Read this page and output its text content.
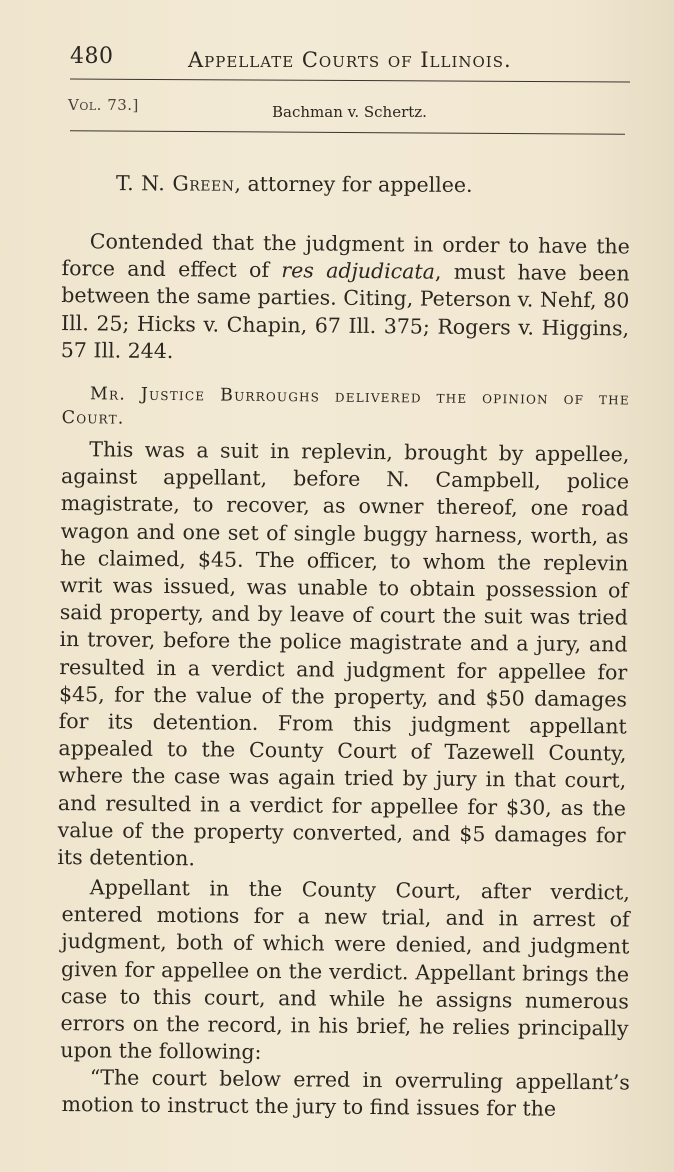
480	Appellate Courts of Illinois.
Vol. 73.]	Bachman v. Schertz.
T. N. Green, attorney for appellee.

Contended that the judgment in order to have the force and effect of res adjudicata, must have been between the same parties. Citing, Peterson v. Nehf, 80 Ill. 25; Hicks v. Chapin, 67 Ill. 375; Rogers v. Higgins, 57 Ill. 244.

Mr. Justice Burroughs delivered the opinion of the Court.

This was a suit in replevin, brought by appellee, against appellant, before N. Campbell, police magistrate, to recover, as owner thereof, one road wagon and one set of single buggy harness, worth, as he claimed, $45. The officer, to whom the replevin writ was issued, was unable to obtain possession of said property, and by leave of court the suit was tried in trover, before the police magistrate and a jury, and resulted in a verdict and judgment for appellee for $45, for the value of the property, and $50 damages for its detention. From this judgment appellant appealed to the County Court of Tazewell County, where the case was again tried by jury in that court, and resulted in a verdict for appellee for $30, as the value of the property converted, and $5 damages for its detention.

Appellant in the County Court, after verdict, entered motions for a new trial, and in arrest of judgment, both of which were denied, and judgment given for appellee on the verdict. Appellant brings the case to this court, and while he assigns numerous errors on the record, in his brief, he relies principally upon the following:

“The court below erred in overruling appellant’s motion to instruct the jury to find issues for the
